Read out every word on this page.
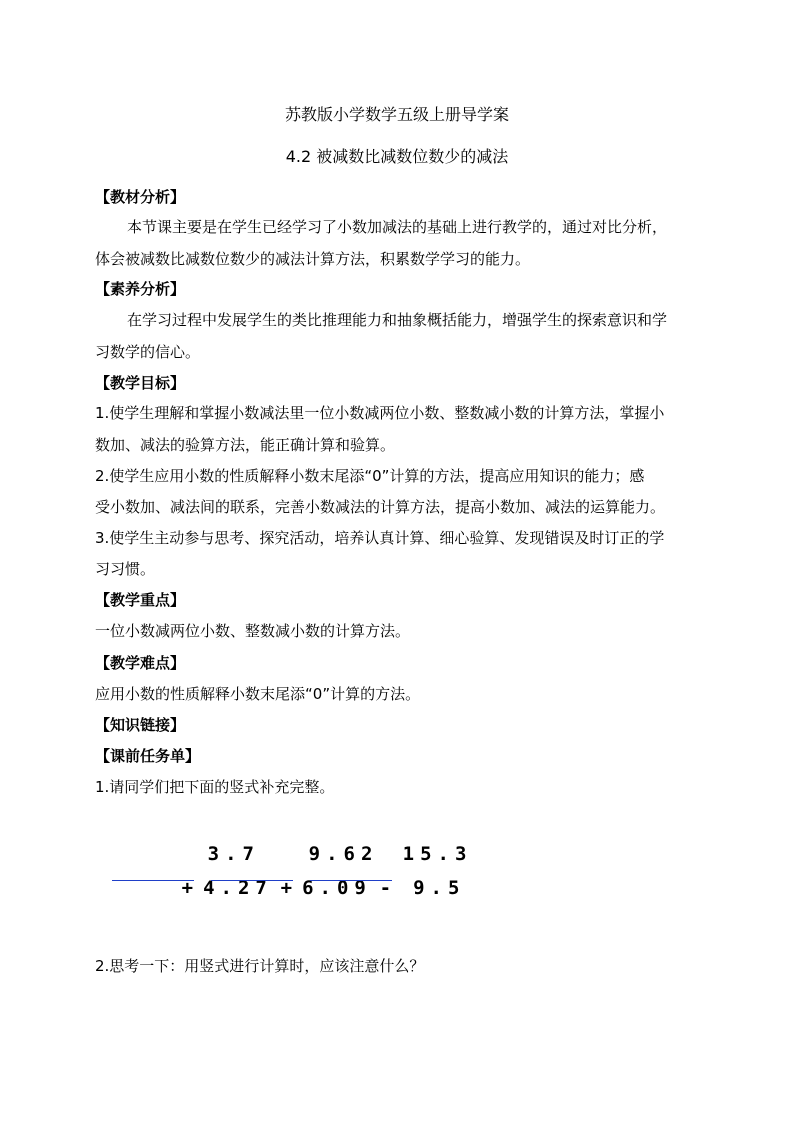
苏教版小学数学五级上册导学案
4.2 被减数比减数位数少的减法
【教材分析】
本节课主要是在学生已经学习了小数加减法的基础上进行教学的，通过对比分析，
体会被减数比减数位数少的减法计算方法，积累数学学习的能力。
【素养分析】
在学习过程中发展学生的类比推理能力和抽象概括能力，增强学生的探索意识和学
习数学的信心。
【教学目标】
1.使学生理解和掌握小数减法里一位小数减两位小数、整数减小数的计算方法，掌握小
数加、减法的验算方法，能正确计算和验算。
2.使学生应用小数的性质解释小数末尾添“0”计算的方法，提高应用知识的能力；感
受小数加、减法间的联系，完善小数减法的计算方法，提高小数加、减法的运算能力。
3.使学生主动参与思考、探究活动，培养认真计算、细心验算、发现错误及时订正的学
习习惯。
【教学重点】
一位小数减两位小数、整数减小数的计算方法。
【教学难点】
应用小数的性质解释小数末尾添“0”计算的方法。
【知识链接】
【课前任务单】
1.请同学们把下面的竖式补充完整。

3.7

+ 4.27

9.62

+ 6.09

15.3

- 9.5

2.思考一下：用竖式进行计算时，应该注意什么？
